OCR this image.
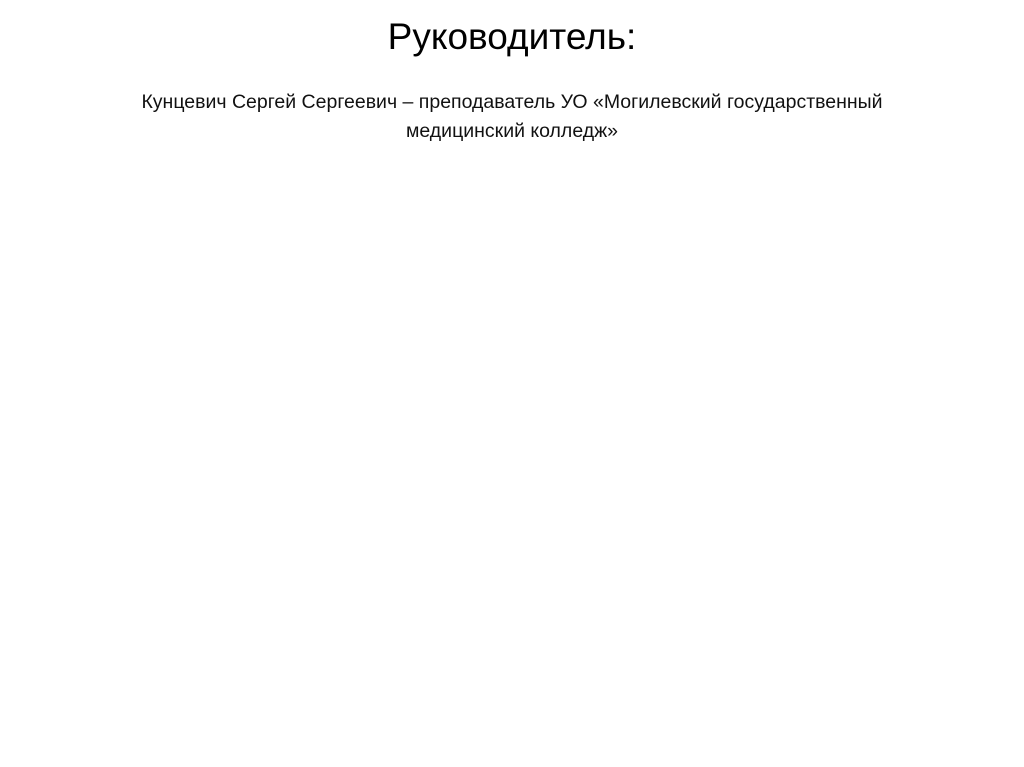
Руководитель:

Кунцевич Сергей Сергеевич – преподаватель УО «Могилевский государственный медицинский колледж»
